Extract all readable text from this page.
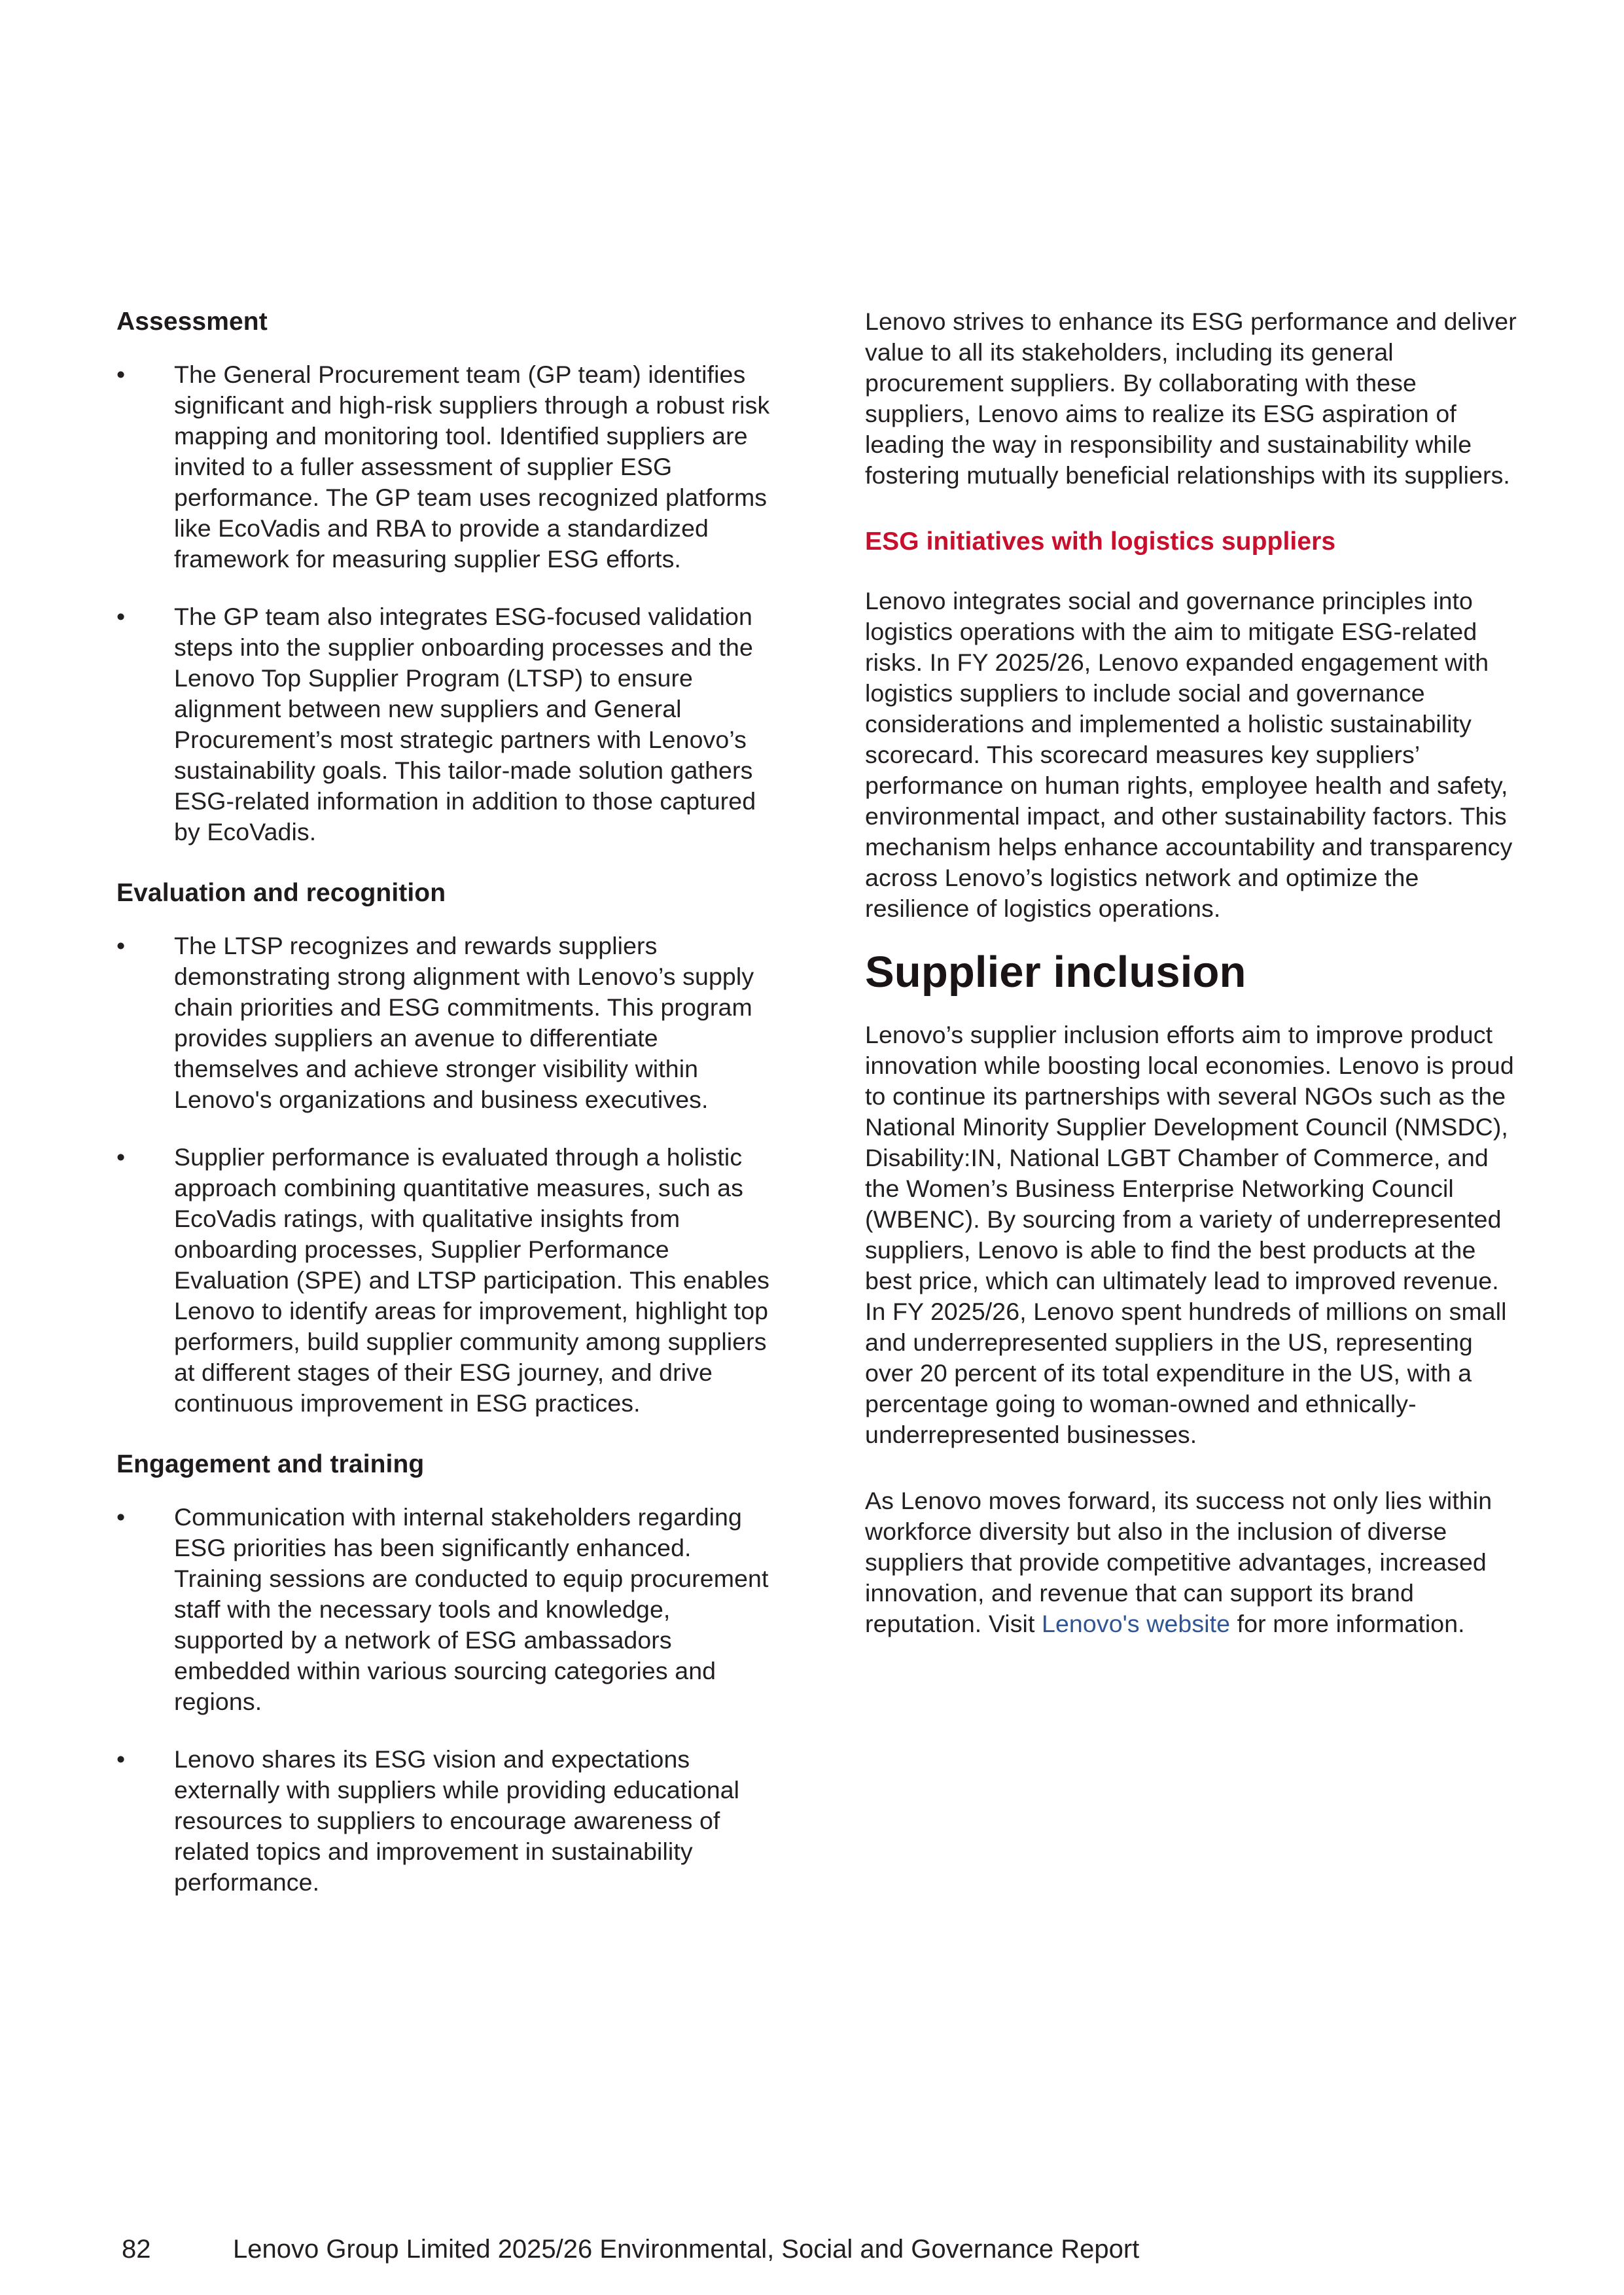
Assessment
• The General Procurement team (GP team) identifies significant and high-risk suppliers through a robust risk mapping and monitoring tool. Identified suppliers are invited to a fuller assessment of supplier ESG performance. The GP team uses recognized platforms like EcoVadis and RBA to provide a standardized framework for measuring supplier ESG efforts.
• The GP team also integrates ESG-focused validation steps into the supplier onboarding processes and the Lenovo Top Supplier Program (LTSP) to ensure alignment between new suppliers and General Procurement’s most strategic partners with Lenovo’s sustainability goals. This tailor-made solution gathers ESG-related information in addition to those captured by EcoVadis.
Evaluation and recognition
• The LTSP recognizes and rewards suppliers demonstrating strong alignment with Lenovo’s supply chain priorities and ESG commitments. This program provides suppliers an avenue to differentiate themselves and achieve stronger visibility within Lenovo's organizations and business executives.
• Supplier performance is evaluated through a holistic approach combining quantitative measures, such as EcoVadis ratings, with qualitative insights from onboarding processes, Supplier Performance Evaluation (SPE) and LTSP participation. This enables Lenovo to identify areas for improvement, highlight top performers, build supplier community among suppliers at different stages of their ESG journey, and drive continuous improvement in ESG practices.
Engagement and training
• Communication with internal stakeholders regarding ESG priorities has been significantly enhanced. Training sessions are conducted to equip procurement staff with the necessary tools and knowledge, supported by a network of ESG ambassadors embedded within various sourcing categories and regions.
• Lenovo shares its ESG vision and expectations externally with suppliers while providing educational resources to suppliers to encourage awareness of related topics and improvement in sustainability performance.

Lenovo strives to enhance its ESG performance and deliver value to all its stakeholders, including its general procurement suppliers. By collaborating with these suppliers, Lenovo aims to realize its ESG aspiration of leading the way in responsibility and sustainability while fostering mutually beneficial relationships with its suppliers.

ESG initiatives with logistics suppliers

Lenovo integrates social and governance principles into logistics operations with the aim to mitigate ESG-related risks. In FY 2025/26, Lenovo expanded engagement with logistics suppliers to include social and governance considerations and implemented a holistic sustainability scorecard. This scorecard measures key suppliers’ performance on human rights, employee health and safety, environmental impact, and other sustainability factors. This mechanism helps enhance accountability and transparency across Lenovo’s logistics network and optimize the resilience of logistics operations.

Supplier inclusion

Lenovo’s supplier inclusion efforts aim to improve product innovation while boosting local economies. Lenovo is proud to continue its partnerships with several NGOs such as the National Minority Supplier Development Council (NMSDC), Disability:IN, National LGBT Chamber of Commerce, and the Women’s Business Enterprise Networking Council (WBENC). By sourcing from a variety of underrepresented suppliers, Lenovo is able to find the best products at the best price, which can ultimately lead to improved revenue. In FY 2025/26, Lenovo spent hundreds of millions on small and underrepresented suppliers in the US, representing over 20 percent of its total expenditure in the US, with a percentage going to woman-owned and ethnically-underrepresented businesses.

As Lenovo moves forward, its success not only lies within workforce diversity but also in the inclusion of diverse suppliers that provide competitive advantages, increased innovation, and revenue that can support its brand reputation. Visit Lenovo's website for more information.

82	Lenovo Group Limited 2025/26 Environmental, Social and Governance Report
